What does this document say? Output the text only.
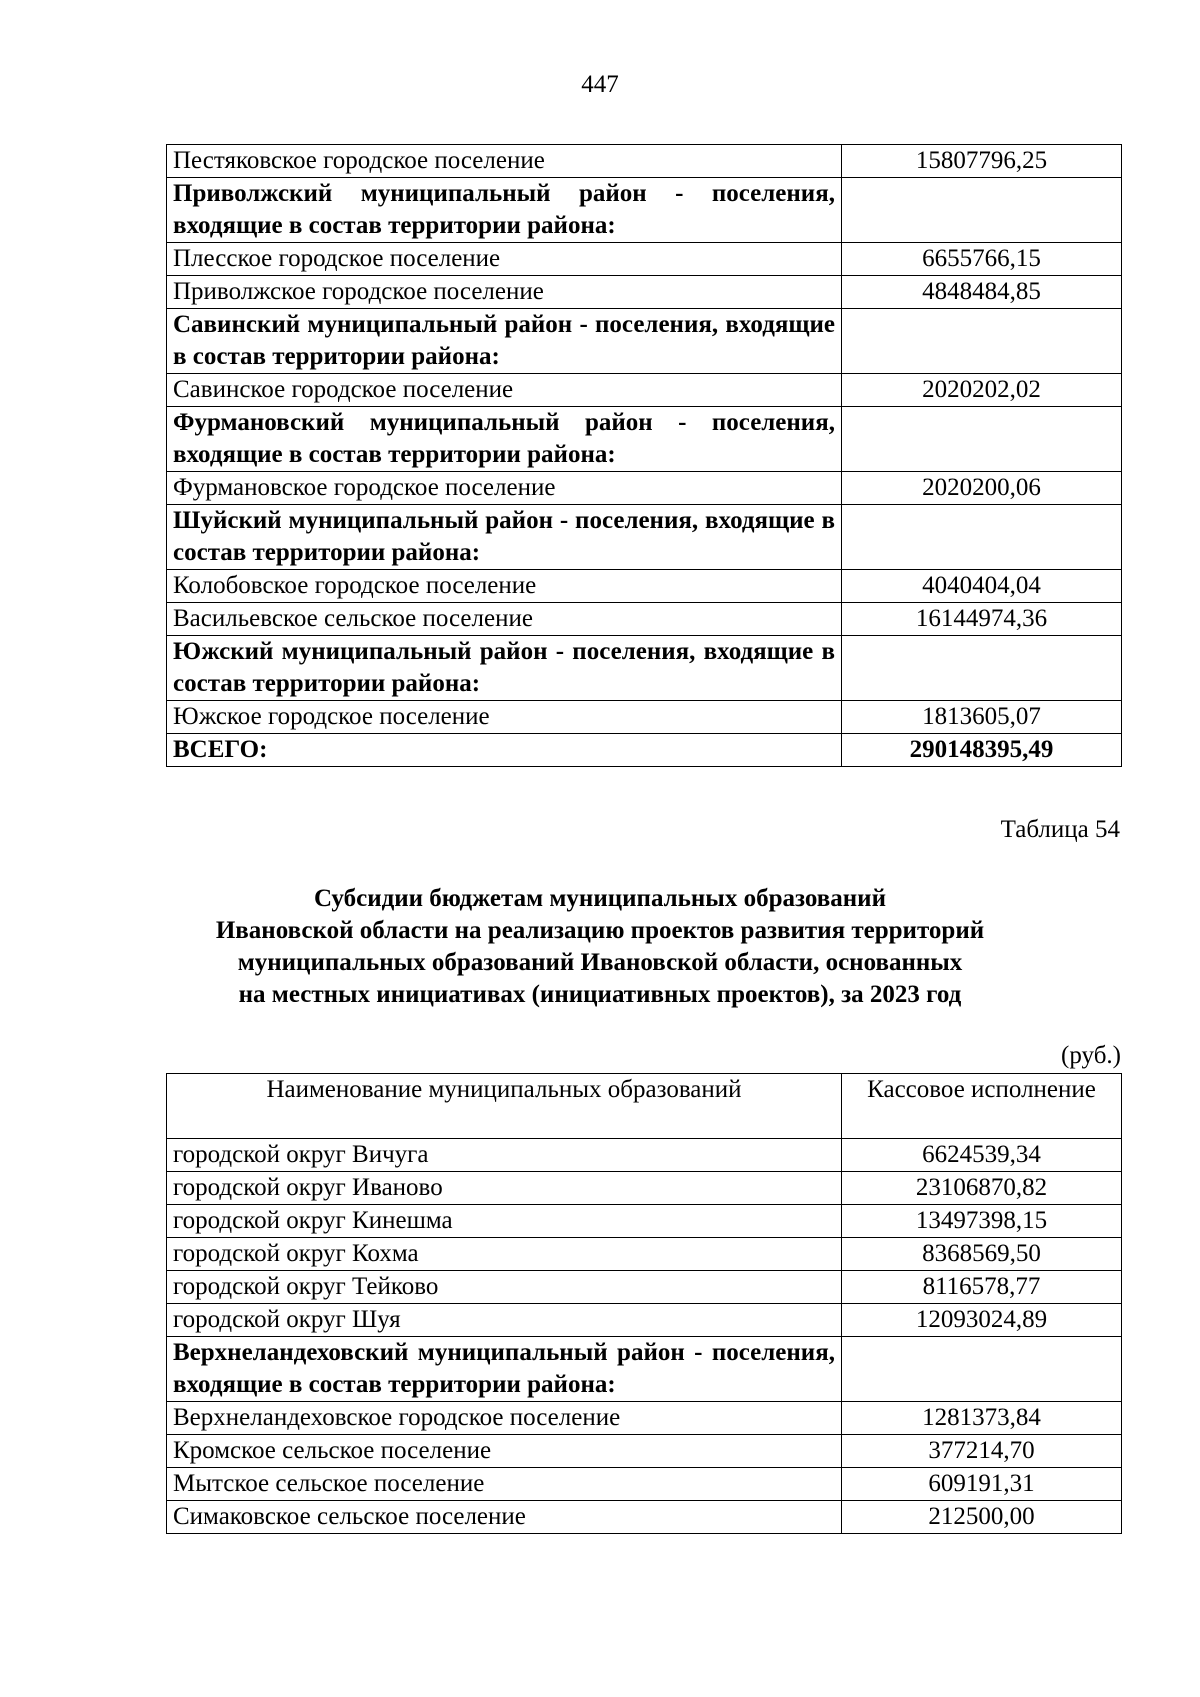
447
Пестяковское городское поселение	15807796,25
Приволжский муниципальный район - поселения, входящие в состав территории района:	
Плесское городское поселение	6655766,15
Приволжское городское поселение	4848484,85
Савинский муниципальный район - поселения, входящие в состав территории района:	
Савинское городское поселение	2020202,02
Фурмановский муниципальный район - поселения, входящие в состав территории района:	
Фурмановское городское поселение	2020200,06
Шуйский муниципальный район - поселения, входящие в состав территории района:	
Колобовское городское поселение	4040404,04
Васильевское сельское поселение	16144974,36
Южский муниципальный район - поселения, входящие в состав территории района:	
Южское городское поселение	1813605,07
ВСЕГО:	290148395,49
Таблица 54
Субсидии бюджетам муниципальных образований
Ивановской области на реализацию проектов развития территорий
муниципальных образований Ивановской области, основанных
на местных инициативах (инициативных проектов), за 2023 год
(руб.)
Наименование муниципальных образований	Кассовое исполнение
городской округ Вичуга	6624539,34
городской округ Иваново	23106870,82
городской округ Кинешма	13497398,15
городской округ Кохма	8368569,50
городской округ Тейково	8116578,77
городской округ Шуя	12093024,89
Верхнеландеховский муниципальный район - поселения, входящие в состав территории района:	
Верхнеландеховское городское поселение	1281373,84
Кромское сельское поселение	377214,70
Мытское сельское поселение	609191,31
Симаковское сельское поселение	212500,00
